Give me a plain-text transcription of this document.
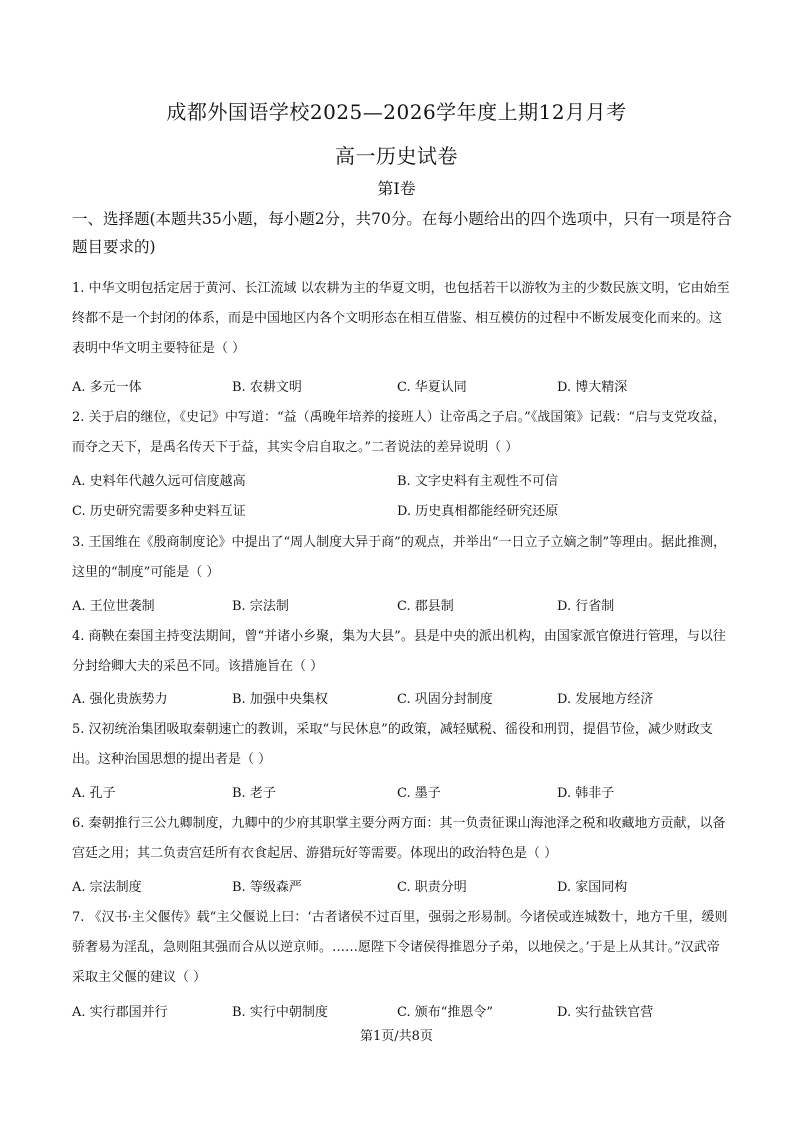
成都外国语学校2025—2026学年度上期12月月考
高一历史试卷
第Ⅰ卷
一、选择题(本题共35小题，每小题2分，共70分。在每小题给出的四个选项中，只有一项是符合题目要求的)
1. 中华文明包括定居于黄河、长江流域 以农耕为主的华夏文明，也包括若干以游牧为主的少数民族文明，它由始至终都不是一个封闭的体系，而是中国地区内各个文明形态在相互借鉴、相互模仿的过程中不断发展变化而来的。这表明中华文明主要特征是（ ）
A. 多元一体	B. 农耕文明	C. 华夏认同	D. 博大精深
2. 关于启的继位，《史记》中写道：“益（禹晚年培养的接班人）让帝禹之子启。”《战国策》记载：“启与支党攻益，而夺之天下，是禹名传天下于益，其实令启自取之。”二者说法的差异说明（ ）
A. 史料年代越久远可信度越高	B. 文字史料有主观性不可信
C. 历史研究需要多种史料互证	D. 历史真相都能经研究还原
3. 王国维在《殷商制度论》中提出了“周人制度大异于商”的观点，并举出“一日立子立嫡之制”等理由。据此推测，这里的“制度”可能是（ ）
A. 王位世袭制	B. 宗法制	C. 郡县制	D. 行省制
4. 商鞅在秦国主持变法期间，曾“并诸小乡聚，集为大县”。县是中央的派出机构，由国家派官僚进行管理，与以往分封给卿大夫的采邑不同。该措施旨在（ ）
A. 强化贵族势力	B. 加强中央集权	C. 巩固分封制度	D. 发展地方经济
5. 汉初统治集团吸取秦朝速亡的教训，采取“与民休息”的政策，减轻赋税、徭役和刑罚，提倡节俭，减少财政支出。这种治国思想的提出者是（ ）
A. 孔子	B. 老子	C. 墨子	D. 韩非子
6. 秦朝推行三公九卿制度，九卿中的少府其职掌主要分两方面：其一负责征课山海池泽之税和收藏地方贡献，以备宫廷之用；其二负责宫廷所有衣食起居、游猎玩好等需要。体现出的政治特色是（ ）
A. 宗法制度	B. 等级森严	C. 职责分明	D. 家国同构
7. 《汉书·主父偃传》载“主父偃说上曰：‘古者诸侯不过百里，强弱之形易制。今诸侯或连城数十，地方千里，缓则骄奢易为淫乱，急则阻其强而合从以逆京师。……愿陛下令诸侯得推恩分子弟，以地侯之。’于是上从其计。”汉武帝采取主父偃的建议（ ）
A. 实行郡国并行	B. 实行中朝制度	C. 颁布“推恩令”	D. 实行盐铁官营
第1页/共8页
